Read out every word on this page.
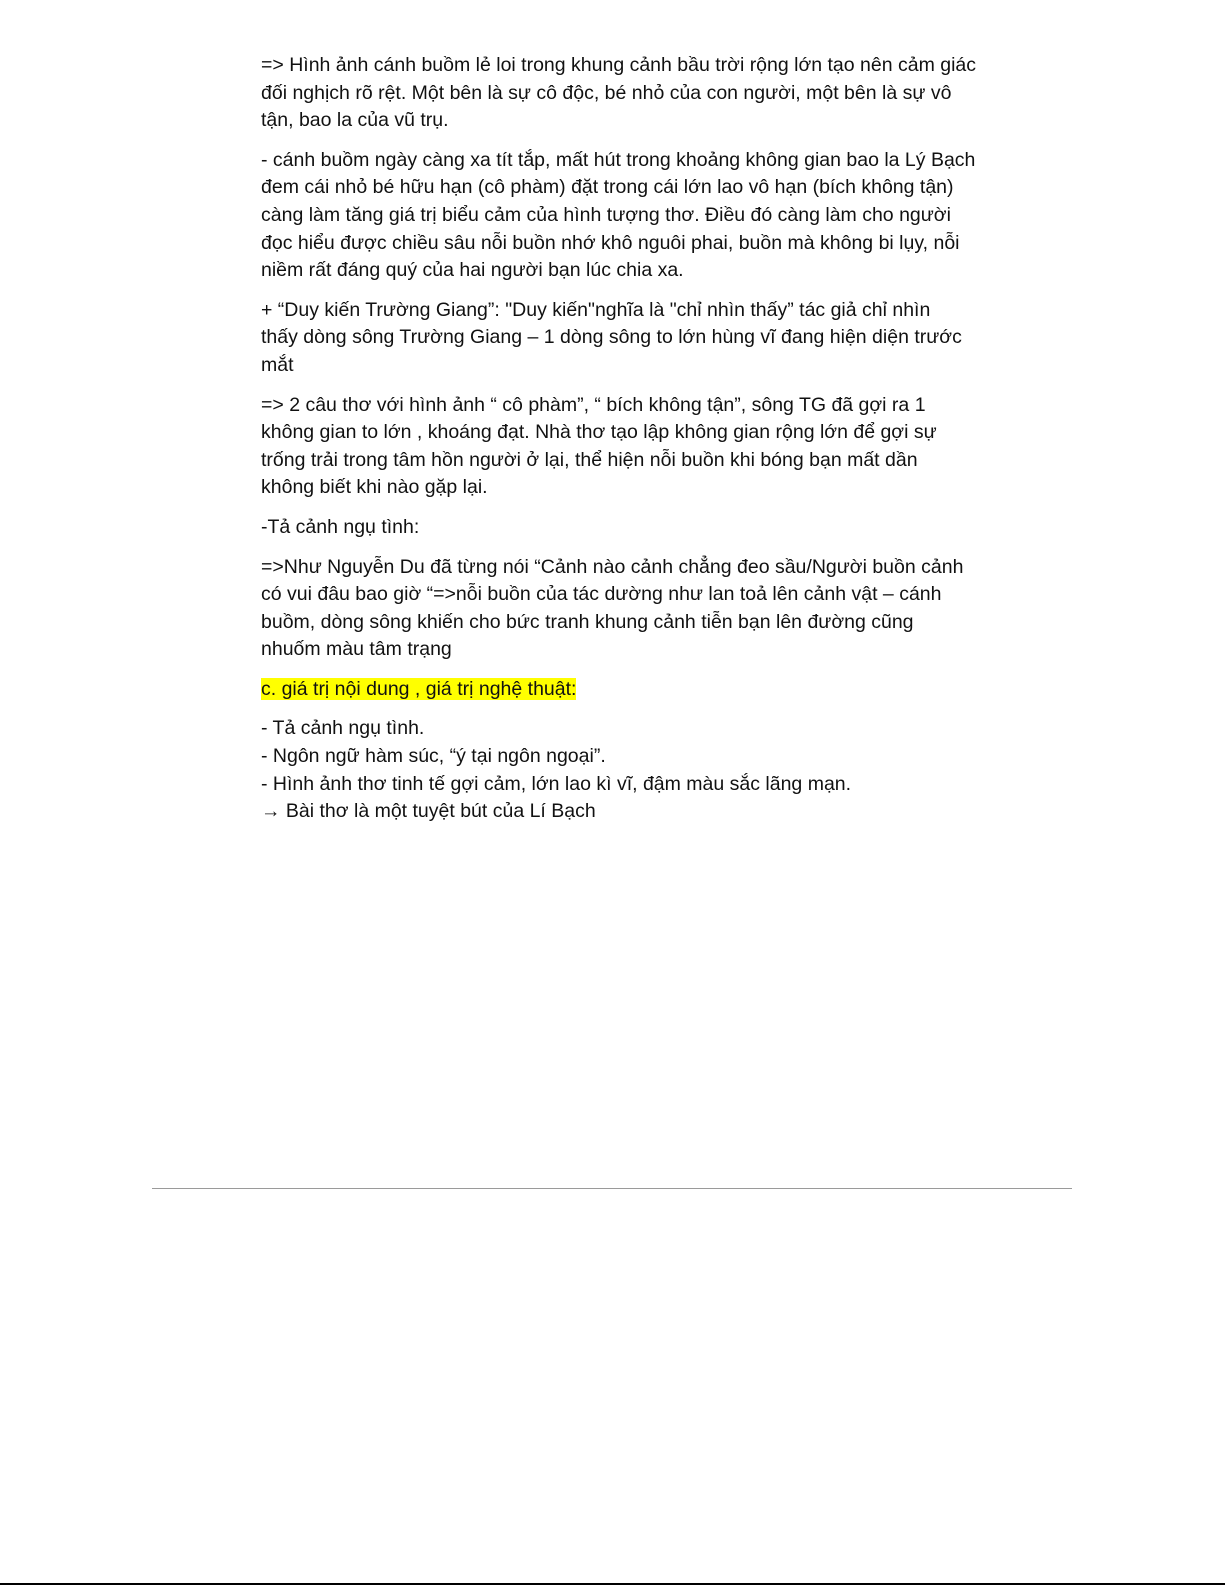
=> Hình ảnh cánh buồm lẻ loi trong khung cảnh bầu trời rộng lớn tạo nên cảm giác
đối nghịch rõ rệt. Một bên là sự cô độc, bé nhỏ của con người, một bên là sự vô
tận, bao la của vũ trụ.

- cánh buồm ngày càng xa tít tắp, mất hút trong khoảng không gian bao la Lý Bạch
đem cái nhỏ bé hữu hạn (cô phàm) đặt trong cái lớn lao vô hạn (bích không tận)
càng làm tăng giá trị biểu cảm của hình tượng thơ. Điều đó càng làm cho người
đọc hiểu được chiều sâu nỗi buồn nhớ khô nguôi phai, buồn mà không bi lụy, nỗi
niềm rất đáng quý của hai người bạn lúc chia xa.

+ “Duy kiến Trường Giang”: "Duy kiến"nghĩa là "chỉ nhìn thấy” tác giả chỉ nhìn
thấy dòng sông Trường Giang – 1 dòng sông to lớn hùng vĩ đang hiện diện trước
mắt

=> 2 câu thơ với hình ảnh “ cô phàm”, “ bích không tận”, sông TG đã gợi ra 1
không gian to lớn , khoáng đạt. Nhà thơ tạo lập không gian rộng lớn để gợi sự
trống trải trong tâm hồn người ở lại, thể hiện nỗi buồn khi bóng bạn mất dần
không biết khi nào gặp lại.

-Tả cảnh ngụ tình:

=>Như Nguyễn Du đã từng nói “Cảnh nào cảnh chẳng đeo sầu/Người buồn cảnh
có vui đâu bao giờ “=>nỗi buồn của tác dường như lan toả lên cảnh vật – cánh
buồm, dòng sông khiến cho bức tranh khung cảnh tiễn bạn lên đường cũng
nhuốm màu tâm trạng

c. giá trị nội dung , giá trị nghệ thuật:

- Tả cảnh ngụ tình.
- Ngôn ngữ hàm súc, “ý tại ngôn ngoại”.
- Hình ảnh thơ tinh tế gợi cảm, lớn lao kì vĩ, đậm màu sắc lãng mạn.
→ Bài thơ là một tuyệt bút của Lí Bạch
